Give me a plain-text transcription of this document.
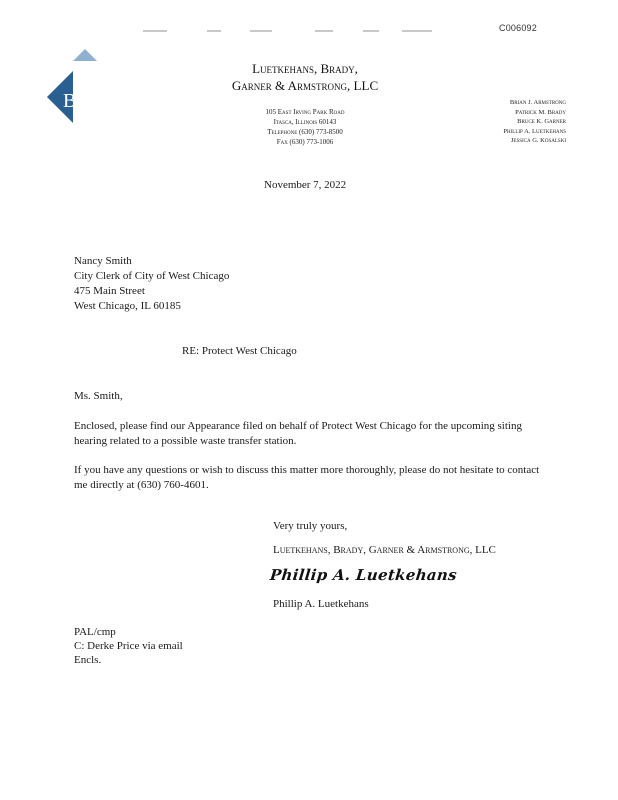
C006092
B
Luetkehans, Brady,
Garner & Armstrong, LLC
105 East Irving Park Road
Itasca, Illinois 60143
Telephone (630) 773-8500
Fax (630) 773-1006
Brian J. Armstrong
Patrick M. Brady
Bruce K. Garner
Phillip A. Luetkehans
Jessica G. Kosalski
November 7, 2022
Nancy Smith
City Clerk of City of West Chicago
475 Main Street
West Chicago, IL 60185
RE: Protect West Chicago
Ms. Smith,
Enclosed, please find our Appearance filed on behalf of Protect West Chicago for the upcoming siting hearing related to a possible waste transfer station.
If you have any questions or wish to discuss this matter more thoroughly, please do not hesitate to contact me directly at (630) 760-4601.
Very truly yours,
Luetkehans, Brady, Garner & Armstrong, LLC
Phillip A. Luetkehans
Phillip A. Luetkehans
PAL/cmp
C: Derke Price via email
Encls.
